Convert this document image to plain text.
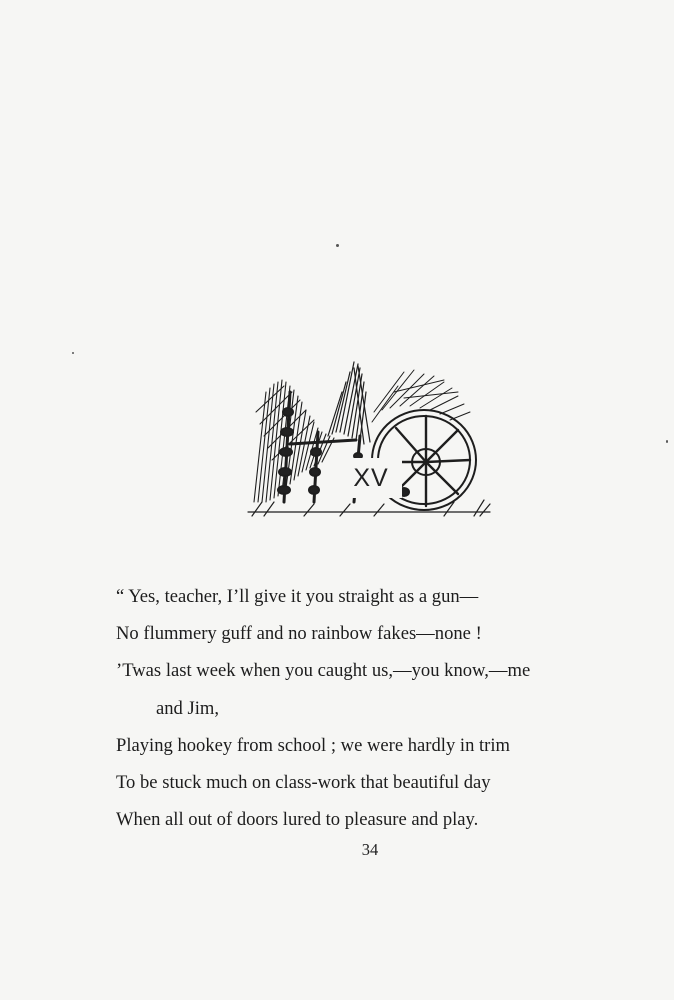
XV
“ Yes, teacher, I’ll give it you straight as a gun—
No flummery guff and no rainbow fakes—none !
’Twas last week when you caught us,—you know,—me
and Jim,
Playing hookey from school ; we were hardly in trim
To be stuck much on class-work that beautiful day
When all out of doors lured to pleasure and play.
34
